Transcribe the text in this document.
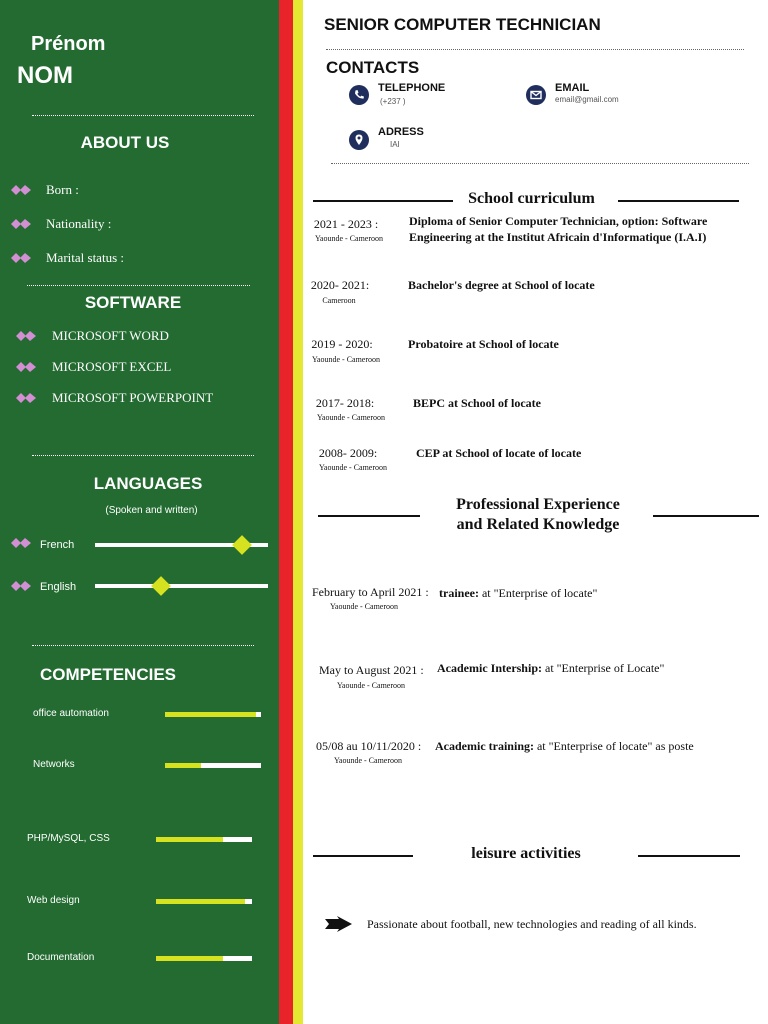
Prénom
NOM
ABOUT US
Born :
Nationality :
Marital status :
SOFTWARE
MICROSOFT WORD
MICROSOFT EXCEL
MICROSOFT POWERPOINT
LANGUAGES
(Spoken and written)
French
English
COMPETENCIES
office automation
Networks
PHP/MySQL, CSS
Web design
Documentation
SENIOR COMPUTER TECHNICIAN
CONTACTS
TELEPHONE
(+237 )
EMAIL
email@gmail.com
ADRESS
IAI
School curriculum
2021 - 2023 :
Yaounde - Cameroon
Diploma of Senior Computer Technician, option: Software Engineering at the Institut Africain d'Informatique (I.A.I)
2020- 2021:
Cameroon
Bachelor's degree at School of locate
2019 - 2020:
Yaounde - Cameroon
Probatoire at School of locate
2017- 2018:
Yaounde - Cameroon
BEPC at School of locate
2008- 2009:
Yaounde - Cameroon
CEP at School of locate of locate
Professional Experience
and Related Knowledge
February to April 2021 :
Yaounde - Cameroon
trainee: at "Enterprise of locate"
May to August 2021 :
Yaounde - Cameroon
Academic Intership: at "Enterprise of Locate"
05/08 au 10/11/2020 :
Yaounde - Cameroon
Academic training: at "Enterprise of locate" as poste
leisure activities
Passionate about football, new technologies and reading of all kinds.
